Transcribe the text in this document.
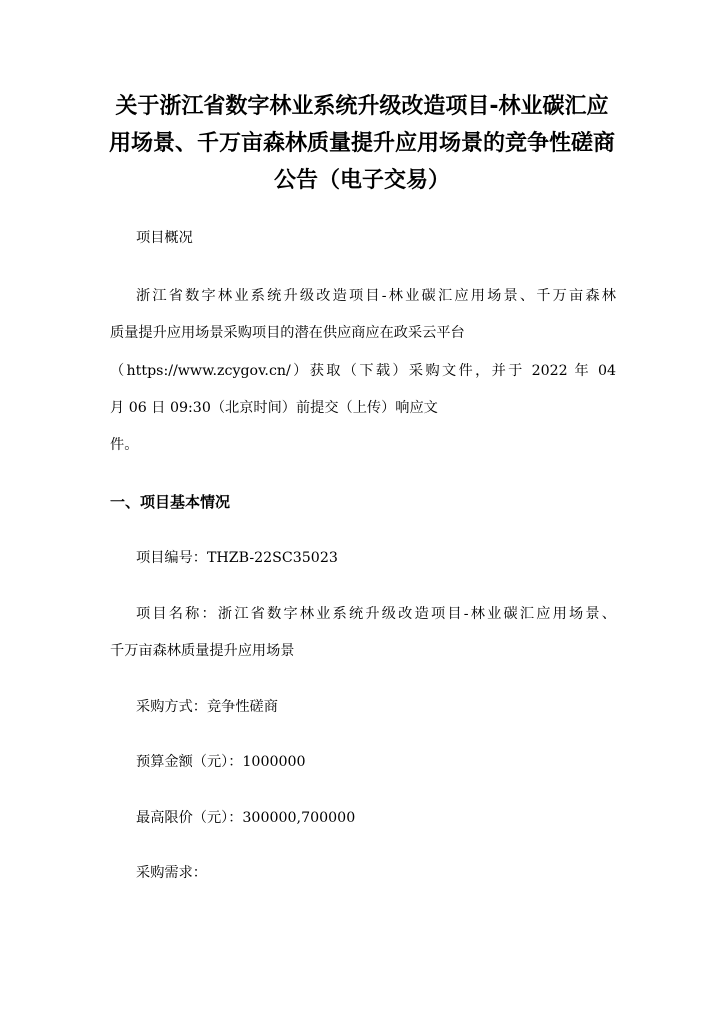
关于浙江省数字林业系统升级改造项目-林业碳汇应
用场景、千万亩森林质量提升应用场景的竞争性磋商
公告（电子交易）
项目概况
浙江省数字林业系统升级改造项目-林业碳汇应用场景、千万亩森林
质量提升应用场景采购项目的潜在供应商应在政采云平台
（https://www.zcygov.cn/）获取（下载）采购文件，并于 2022 年 04
月 06 日 09:30（北京时间）前提交（上传）响应文
件。
一、项目基本情况
项目编号：THZB-22SC35023
项目名称：浙江省数字林业系统升级改造项目-林业碳汇应用场景、
千万亩森林质量提升应用场景
采购方式：竞争性磋商
预算金额（元）：1000000
最高限价（元）：300000,700000
采购需求：
